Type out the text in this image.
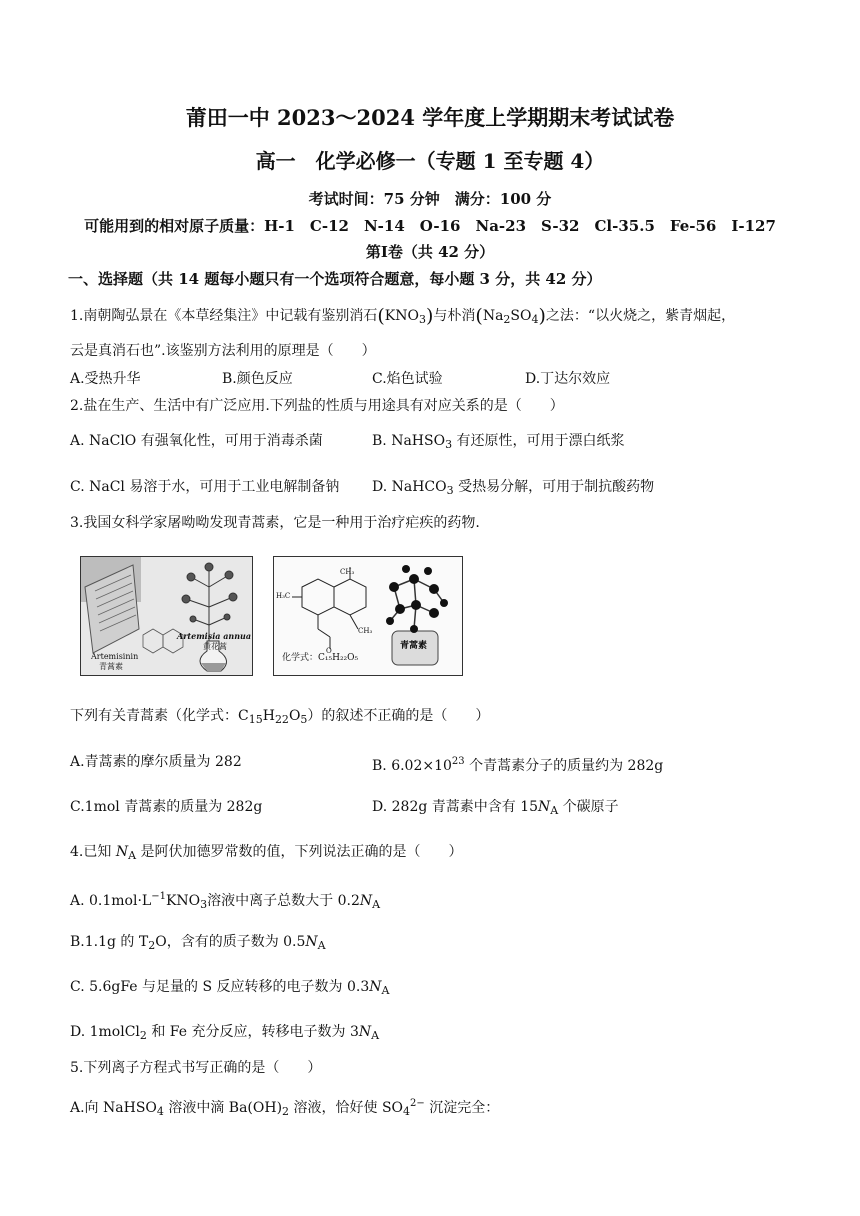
莆田一中 2023～2024 学年度上学期期末考试试卷
高一　化学必修一（专题 1 至专题 4）
考试时间：75 分钟　满分：100 分
可能用到的相对原子质量：H-1　C-12　N-14　O-16　Na-23　S-32　Cl-35.5　Fe-56　I-127
第Ⅰ卷（共 42 分）
一、选择题（共 14 题每小题只有一个选项符合题意，每小题 3 分，共 42 分）
1.南朝陶弘景在《本草经集注》中记载有鉴别消石$(KNO_3)$与朴消$(Na_2SO_4)$之法：“以火烧之，紫青烟起，
云是真消石也”.该鉴别方法利用的原理是（　　）
A.受热升华	B.颜色反应	C.焰色试验	D.丁达尔效应
2.盐在生产、生活中有广泛应用.下列盐的性质与用途具有对应关系的是（　　）
A. NaClO 有强氧化性，可用于消毒杀菌	B. NaHSO$_3$ 有还原性，可用于漂白纸浆
C. NaCl 易溶于水，可用于工业电解制备钠 D. NaHCO$_3$ 受热易分解，可用于制抗酸药物
3.我国女科学家屠呦呦发现青蒿素，它是一种用于治疗疟疾的药物.
Artemisia annua
黄花蒿
Artemisinin
青蒿素
CH₃
H₃C
CH₃
O
化学式：C₁₅H₂₂O₅
青蒿素
下列有关青蒿素（化学式：$C_{15}H_{22}O_5$）的叙述不正确的是（　　）
A.青蒿素的摩尔质量为 282	B. $6.02\times 10^{23}$ 个青蒿素分子的质量约为 282g
C.1mol 青蒿素的质量为 282g	D. 282g 青蒿素中含有 $15N_A$ 个碳原子
4.已知 $N_A$ 是阿伏加德罗常数的值，下列说法正确的是（　　）
A. $0.1mol\cdot L^{-1}KNO_3$溶液中离子总数大于 $0.2N_A$
B.1.1g 的 $T_2O$，含有的质子数为 $0.5N_A$
C. 5.6gFe 与足量的 S 反应转移的电子数为 $0.3N_A$
D. 1molCl$_2$ 和 Fe 充分反应，转移电子数为 $3N_A$
5.下列离子方程式书写正确的是（　　）
A.向 NaHSO$_4$ 溶液中滴 $Ba(OH)_2$ 溶液，恰好使 $SO_4^{2-}$ 沉淀完全：
